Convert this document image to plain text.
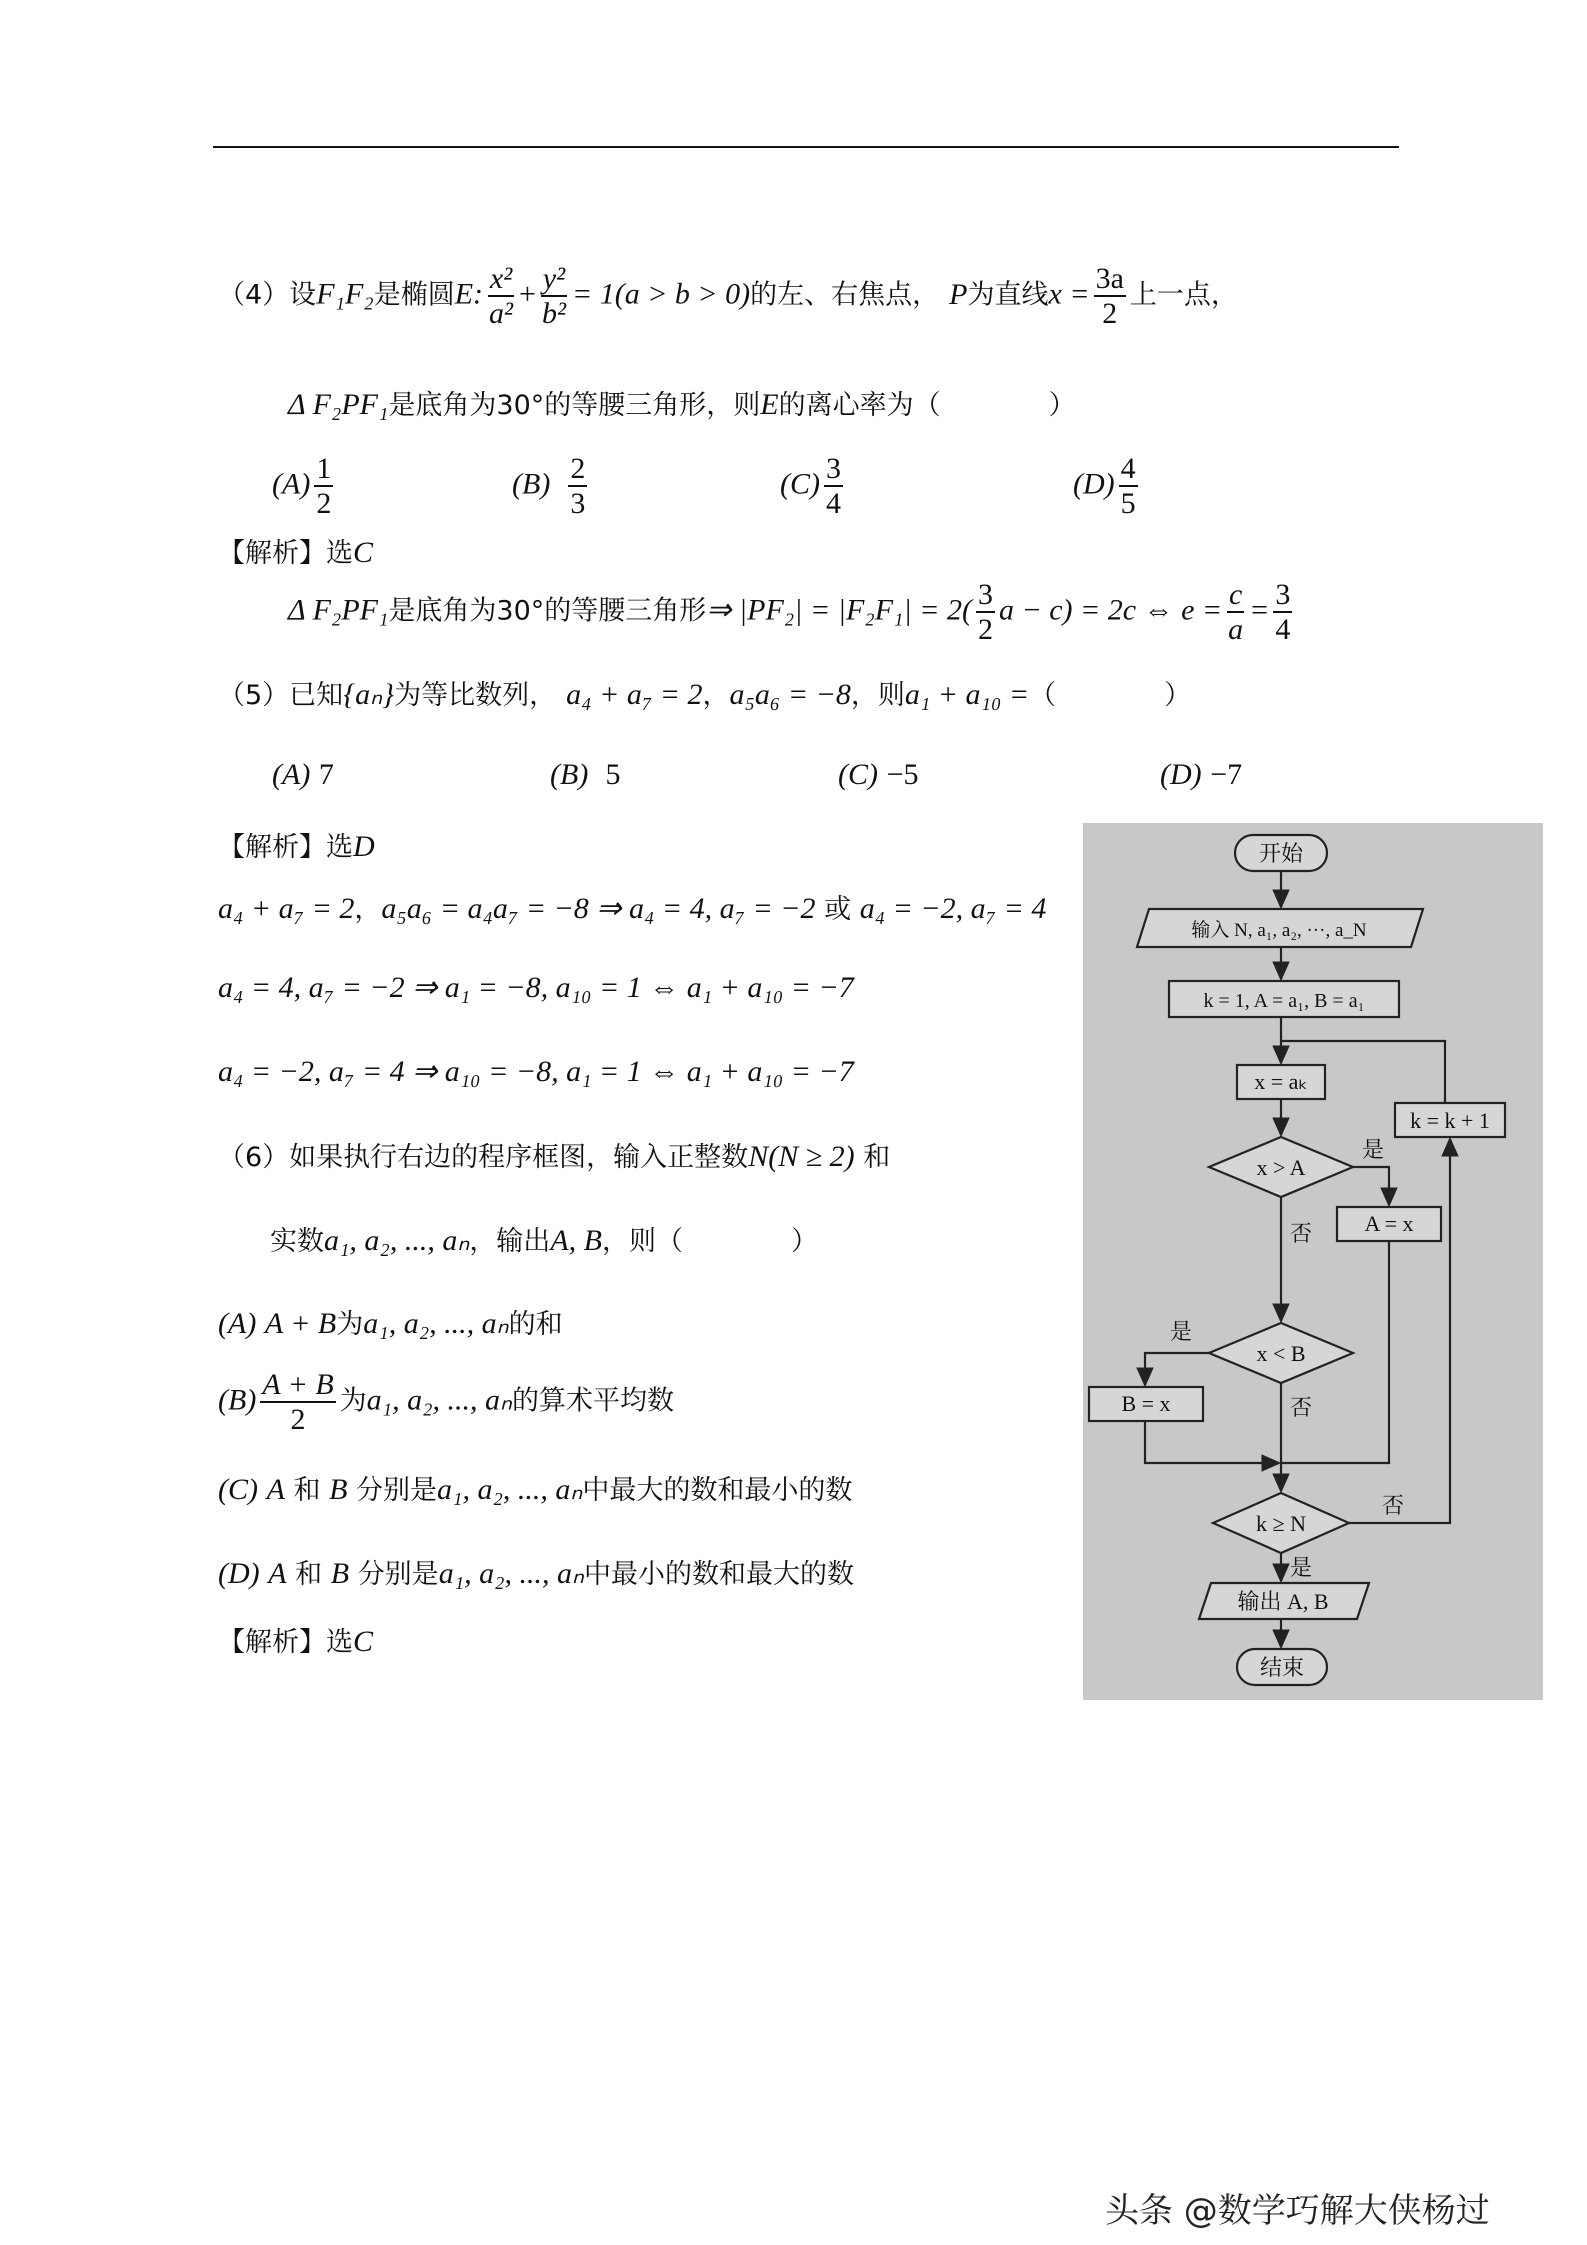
（4）设F₁F₂是椭圆E: $\frac{\text{x²}}{\text{a²}} + \frac{\text{y²}}{\text{b²}} = 1(a > b > 0)$的左、右焦点， P为直线$x = \frac{3a}{2}$ 上一点，
Δ F₂PF₁是底角为30°的等腰三角形，则E的离心率为（　　　　）
$(A) \frac{1}{2}$	$(B) \frac{2}{3}$	$(C) \frac{3}{4}$	$(D) \frac{4}{5}$
【解析】选C
Δ F₂PF₁是底角为30°的等腰三角形⇒ $|PF_2| = |F_2F_1| = 2( \frac{3}{2}$ a − c) = 2c ⇔ $e = \frac{c}{a} = \frac{3}{4}$
（5）已知{aₙ}为等比数列， a₄ + a₇ = 2，a₅a₆ = −8，则a₁ + a₁₀ =（　　　　）
(A) 7	(B) 5	(C) −5	(D) −7
【解析】选D
a₄ + a₇ = 2，a₅a₆ = a₄a₇ = −8 ⇒ a₄ = 4, a₇ = −2 或 a₄ = −2, a₇ = 4
a₄ = 4, a₇ = −2 ⇒ a₁ = −8, a₁₀ = 1 ⇔ a₁ + a₁₀ = −7
a₄ = −2, a₇ = 4 ⇒ a₁₀ = −8, a₁ = 1 ⇔ a₁ + a₁₀ = −7
（6）如果执行右边的程序框图，输入正整数N(N ≥ 2) 和
实数a₁, a₂, ..., aₙ，输出A, B，则（　　　　）
(A) A + B为a₁, a₂, ..., aₙ的和
$(B) \frac{A + B}{2}$ 为a₁, a₂, ..., aₙ的算术平均数
(C) A 和 B 分别是a₁, a₂, ..., aₙ中最大的数和最小的数
(D) A 和 B 分别是a₁, a₂, ..., aₙ中最小的数和最大的数
【解析】选C
开始
输入 N, a₁, a₂, ···, a_N
k = 1, A = a₁, B = a₁
x = aₖ
k = k + 1
x > A
是
A = x
否
x < B
是
B = x	否
k ≥ N
否
是
输出 A, B
结束
头条 @数学巧解大侠杨过
